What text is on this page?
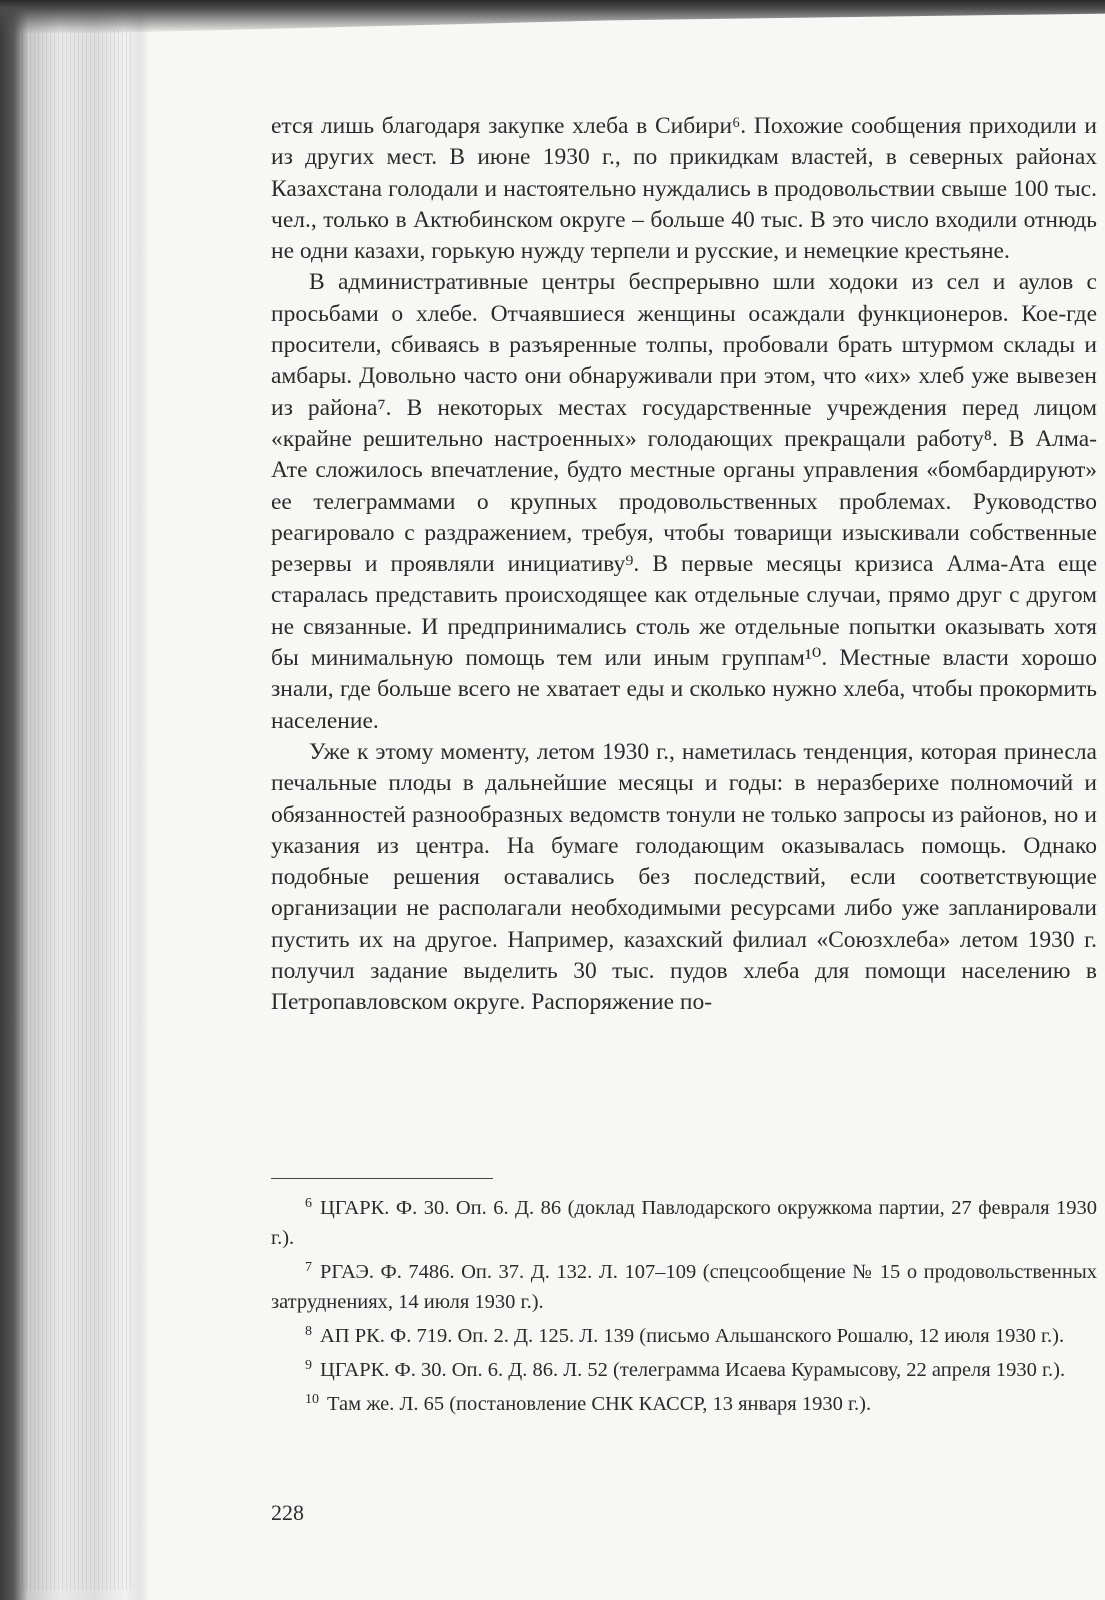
ется лишь благодаря закупке хлеба в Сибири⁶. Похожие сообщения приходили и из других мест. В июне 1930 г., по прикидкам властей, в северных районах Казахстана голодали и настоятельно нуждались в продовольствии свыше 100 тыс. чел., только в Актюбинском округе – больше 40 тыс. В это число входили отнюдь не одни казахи, горькую нужду терпели и русские, и немецкие крестьяне.

В административные центры беспрерывно шли ходоки из сел и аулов с просьбами о хлебе. Отчаявшиеся женщины осаждали функционеров. Кое-где просители, сбиваясь в разъяренные толпы, пробовали брать штурмом склады и амбары. Довольно часто они обнаруживали при этом, что «их» хлеб уже вывезен из района⁷. В некоторых местах государственные учреждения перед лицом «крайне решительно настроенных» голодающих прекращали работу⁸. В Алма-Ате сложилось впечатление, будто местные органы управления «бомбардируют» ее телеграммами о крупных продовольственных проблемах. Руководство реагировало с раздражением, требуя, чтобы товарищи изыскивали собственные резервы и проявляли инициативу⁹. В первые месяцы кризиса Алма-Ата еще старалась представить происходящее как отдельные случаи, прямо друг с другом не связанные. И предпринимались столь же отдельные попытки оказывать хотя бы минимальную помощь тем или иным группам¹⁰. Местные власти хорошо знали, где больше всего не хватает еды и сколько нужно хлеба, чтобы прокормить население.

Уже к этому моменту, летом 1930 г., наметилась тенденция, которая принесла печальные плоды в дальнейшие месяцы и годы: в неразберихе полномочий и обязанностей разнообразных ведомств тонули не только запросы из районов, но и указания из центра. На бумаге голодающим оказывалась помощь. Однако подобные решения оставались без последствий, если соответствующие организации не располагали необходимыми ресурсами либо уже запланировали пустить их на другое. Например, казахский филиал «Союзхлеба» летом 1930 г. получил задание выделить 30 тыс. пудов хлеба для помощи населению в Петропавловском округе. Распоряжение по-

$^6$ ЦГАРК. Ф. 30. Оп. 6. Д. 86 (доклад Павлодарского окружкома партии, 27 февраля 1930 г.).

$^7$ РГАЭ. Ф. 7486. Оп. 37. Д. 132. Л. 107–109 (спецсообщение № 15 о продовольственных затруднениях, 14 июля 1930 г.).

$^8$ АП РК. Ф. 719. Оп. 2. Д. 125. Л. 139 (письмо Альшанского Рошалю, 12 июля 1930 г.).

$^9$ ЦГАРК. Ф. 30. Оп. 6. Д. 86. Л. 52 (телеграмма Исаева Курамысову, 22 апреля 1930 г.).

$^{10}$ Там же. Л. 65 (постановление СНК КАССР, 13 января 1930 г.).

228
